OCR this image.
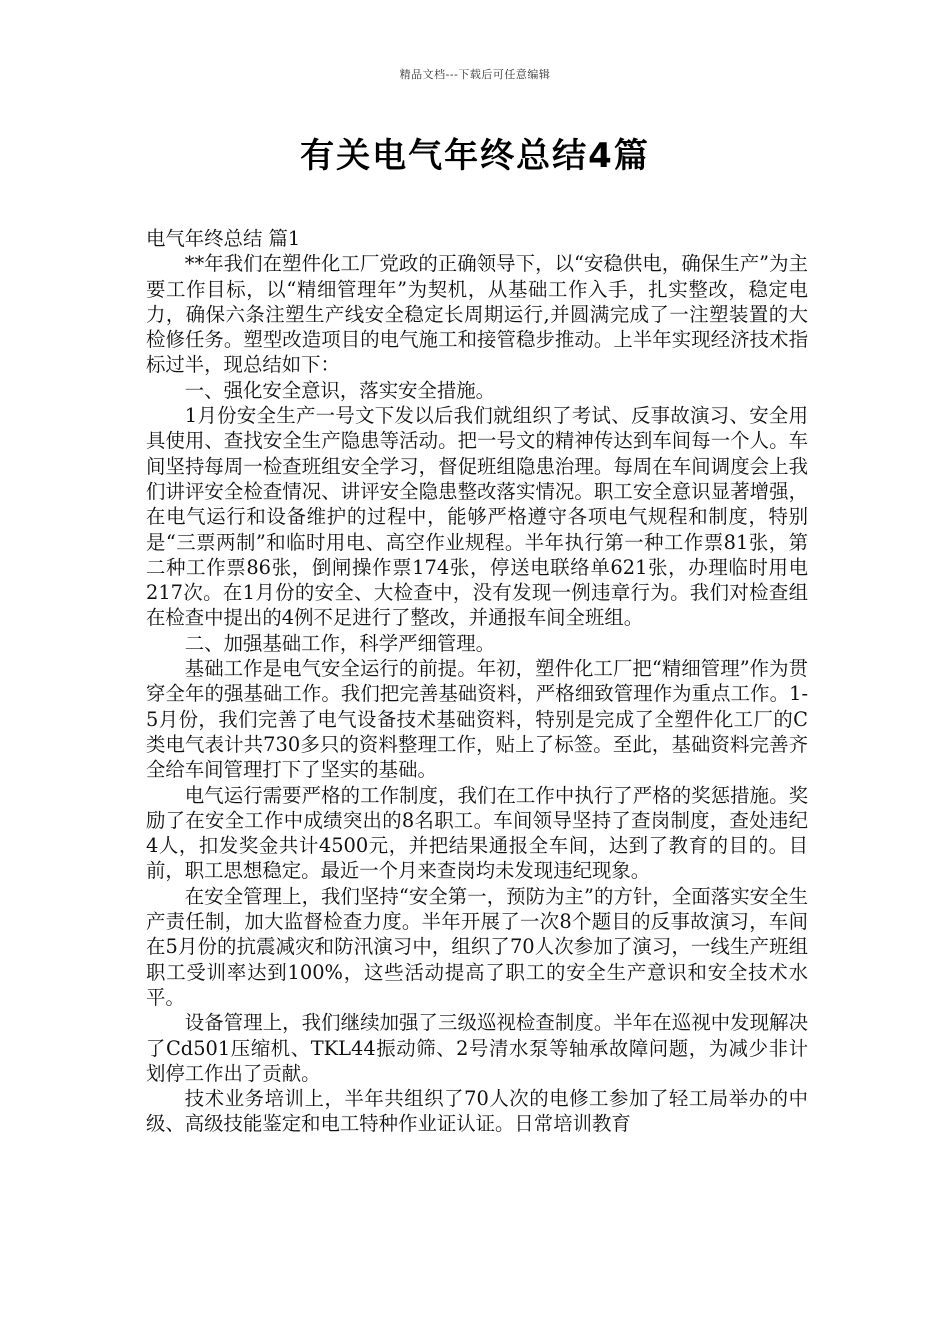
精品文档---下载后可任意编辑
有关电气年终总结4篇

电气年终总结 篇1

**年我们在塑件化工厂党政的正确领导下，以“安稳供电，确保生产”为主要工作目标，以“精细管理年”为契机，从基础工作入手，扎实整改，稳定电力，确保六条注塑生产线安全稳定长周期运行,并圆满完成了一注塑装置的大检修任务。塑型改造项目的电气施工和接管稳步推动。上半年实现经济技术指标过半，现总结如下：

一、强化安全意识，落实安全措施。

1月份安全生产一号文下发以后我们就组织了考试、反事故演习、安全用具使用、查找安全生产隐患等活动。把一号文的精神传达到车间每一个人。车间坚持每周一检查班组安全学习，督促班组隐患治理。每周在车间调度会上我们讲评安全检查情况、讲评安全隐患整改落实情况。职工安全意识显著增强，在电气运行和设备维护的过程中，能够严格遵守各项电气规程和制度，特别是“三票两制”和临时用电、高空作业规程。半年执行第一种工作票81张，第二种工作票86张，倒闸操作票174张，停送电联络单621张，办理临时用电217次。在1月份的安全、大检查中，没有发现一例违章行为。我们对检查组在检查中提出的4例不足进行了整改，并通报车间全班组。

二、加强基础工作，科学严细管理。

基础工作是电气安全运行的前提。年初，塑件化工厂把“精细管理”作为贯穿全年的强基础工作。我们把完善基础资料，严格细致管理作为重点工作。1-5月份，我们完善了电气设备技术基础资料，特别是完成了全塑件化工厂的C类电气表计共730多只的资料整理工作，贴上了标签。至此，基础资料完善齐全给车间管理打下了坚实的基础。

电气运行需要严格的工作制度，我们在工作中执行了严格的奖惩措施。奖励了在安全工作中成绩突出的8名职工。车间领导坚持了查岗制度，查处违纪4人，扣发奖金共计4500元，并把结果通报全车间，达到了教育的目的。目前，职工思想稳定。最近一个月来查岗均未发现违纪现象。

在安全管理上，我们坚持“安全第一，预防为主”的方针，全面落实安全生产责任制，加大监督检查力度。半年开展了一次8个题目的反事故演习，车间在5月份的抗震减灾和防汛演习中，组织了70人次参加了演习，一线生产班组职工受训率达到100%，这些活动提高了职工的安全生产意识和安全技术水平。

设备管理上，我们继续加强了三级巡视检查制度。半年在巡视中发现解决了Cd501压缩机、TKL44振动筛、2号清水泵等轴承故障问题，为减少非计划停工作出了贡献。

技术业务培训上，半年共组织了70人次的电修工参加了轻工局举办的中级、高级技能鉴定和电工特种作业证认证。日常培训教育
